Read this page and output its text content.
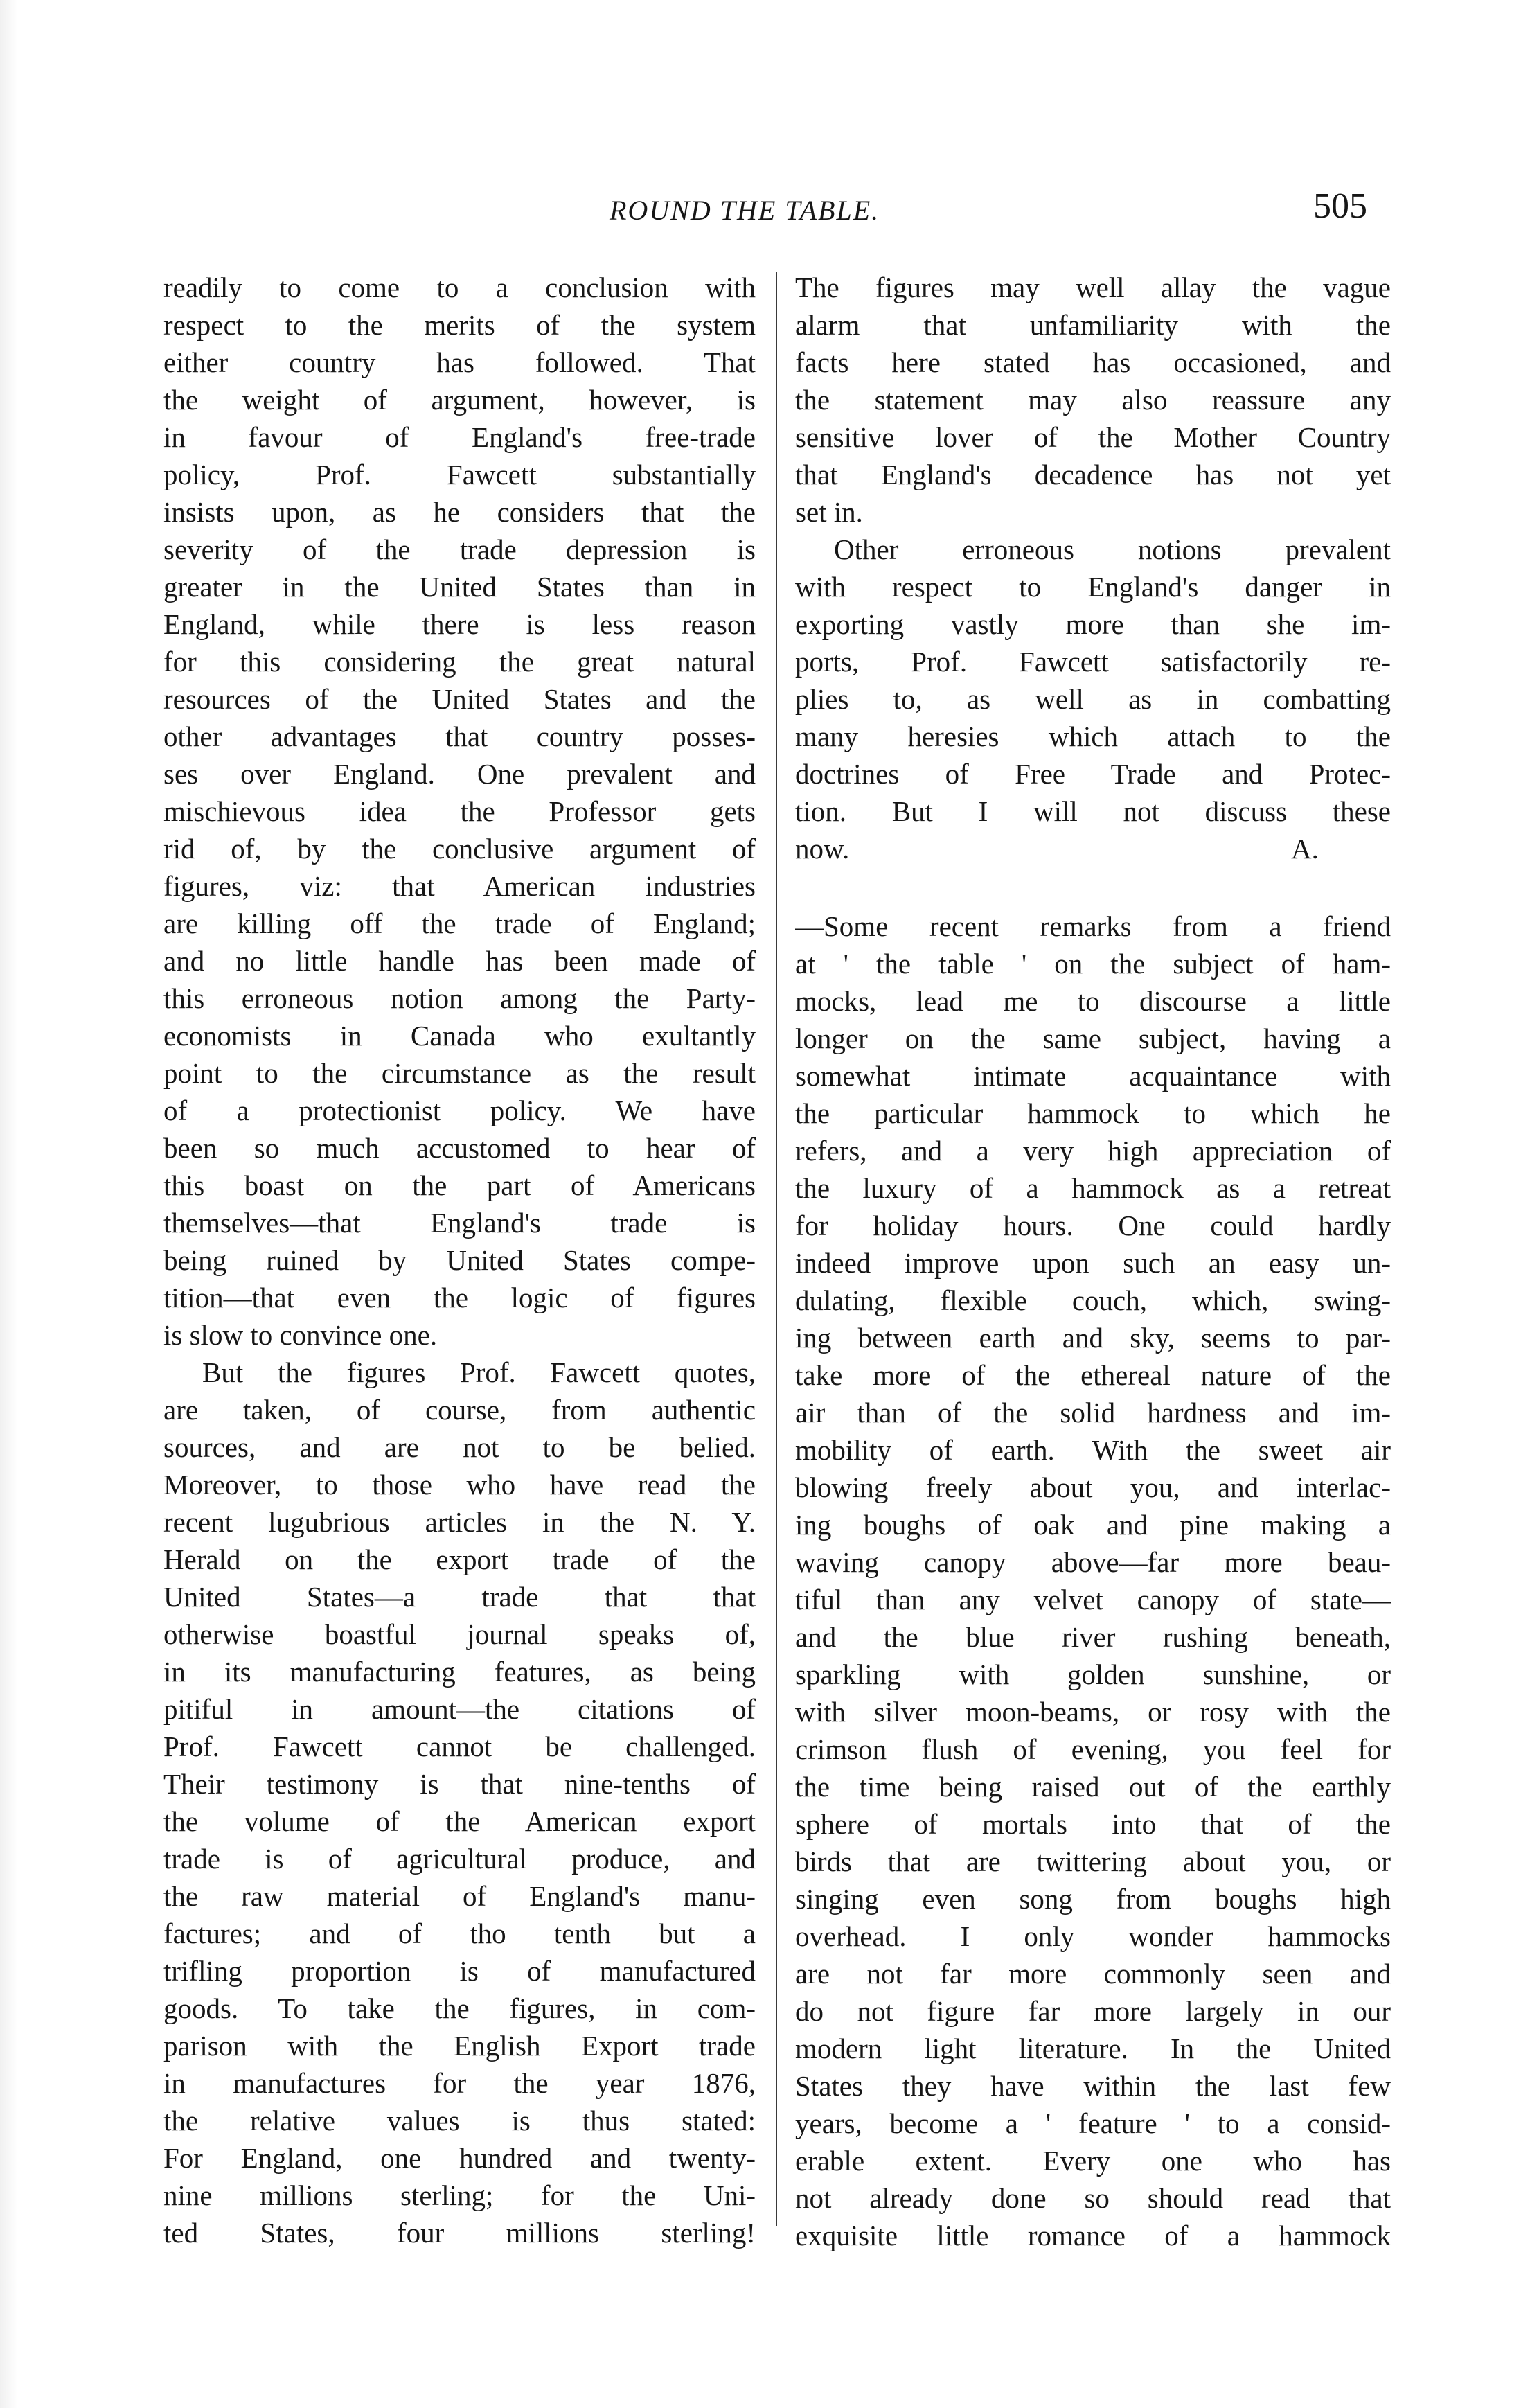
ROUND THE TABLE.	505
readily to come to a conclusion with
respect to the merits of the system
either country has followed. That
the weight of argument, however, is
in favour of England's free-trade
policy, Prof. Fawcett substantially
insists upon, as he considers that the
severity of the trade depression is
greater in the United States than in
England, while there is less reason
for this considering the great natural
resources of the United States and the
other advantages that country posses-
ses over England. One prevalent and
mischievous idea the Professor gets
rid of, by the conclusive argument of
figures, viz: that American industries
are killing off the trade of England;
and no little handle has been made of
this erroneous notion among the Party-
economists in Canada who exultantly
point to the circumstance as the result
of a protectionist policy. We have
been so much accustomed to hear of
this boast on the part of Americans
themselves—that England's trade is
being ruined by United States compe-
tition—that even the logic of figures
is slow to convince one.
But the figures Prof. Fawcett quotes,
are taken, of course, from authentic
sources, and are not to be belied.
Moreover, to those who have read the
recent lugubrious articles in the N. Y.
Herald on the export trade of the
United States—a trade that that
otherwise boastful journal speaks of,
in its manufacturing features, as being
pitiful in amount—the citations of
Prof. Fawcett cannot be challenged.
Their testimony is that nine-tenths of
the volume of the American export
trade is of agricultural produce, and
the raw material of England's manu-
factures; and of tho tenth but a
trifling proportion is of manufactured
goods. To take the figures, in com-
parison with the English Export trade
in manufactures for the year 1876,
the relative values is thus stated:
For England, one hundred and twenty-
nine millions sterling; for the Uni-
ted States, four millions sterling!
The figures may well allay the vague
alarm that unfamiliarity with the
facts here stated has occasioned, and
the statement may also reassure any
sensitive lover of the Mother Country
that England's decadence has not yet
set in.
Other erroneous notions prevalent
with respect to England's danger in
exporting vastly more than she im-
ports, Prof. Fawcett satisfactorily re-
plies to, as well as in combatting
many heresies which attach to the
doctrines of Free Trade and Protec-
tion. But I will not discuss these
now.
—Some recent remarks from a friend
at ' the table ' on the subject of ham-
mocks, lead me to discourse a little
longer on the same subject, having a
somewhat intimate acquaintance with
the particular hammock to which he
refers, and a very high appreciation of
the luxury of a hammock as a retreat
for holiday hours. One could hardly
indeed improve upon such an easy un-
dulating, flexible couch, which, swing-
ing between earth and sky, seems to par-
take more of the ethereal nature of the
air than of the solid hardness and im-
mobility of earth. With the sweet air
blowing freely about you, and interlac-
ing boughs of oak and pine making a
waving canopy above—far more beau-
tiful than any velvet canopy of state—
and the blue river rushing beneath,
sparkling with golden sunshine, or
with silver moon-beams, or rosy with the
crimson flush of evening, you feel for
the time being raised out of the earthly
sphere of mortals into that of the
birds that are twittering about you, or
singing even song from boughs high
overhead. I only wonder hammocks
are not far more commonly seen and
do not figure far more largely in our
modern light literature. In the United
States they have within the last few
years, become a ' feature ' to a consid-
erable extent. Every one who has
not already done so should read that
exquisite little romance of a hammock
A.
